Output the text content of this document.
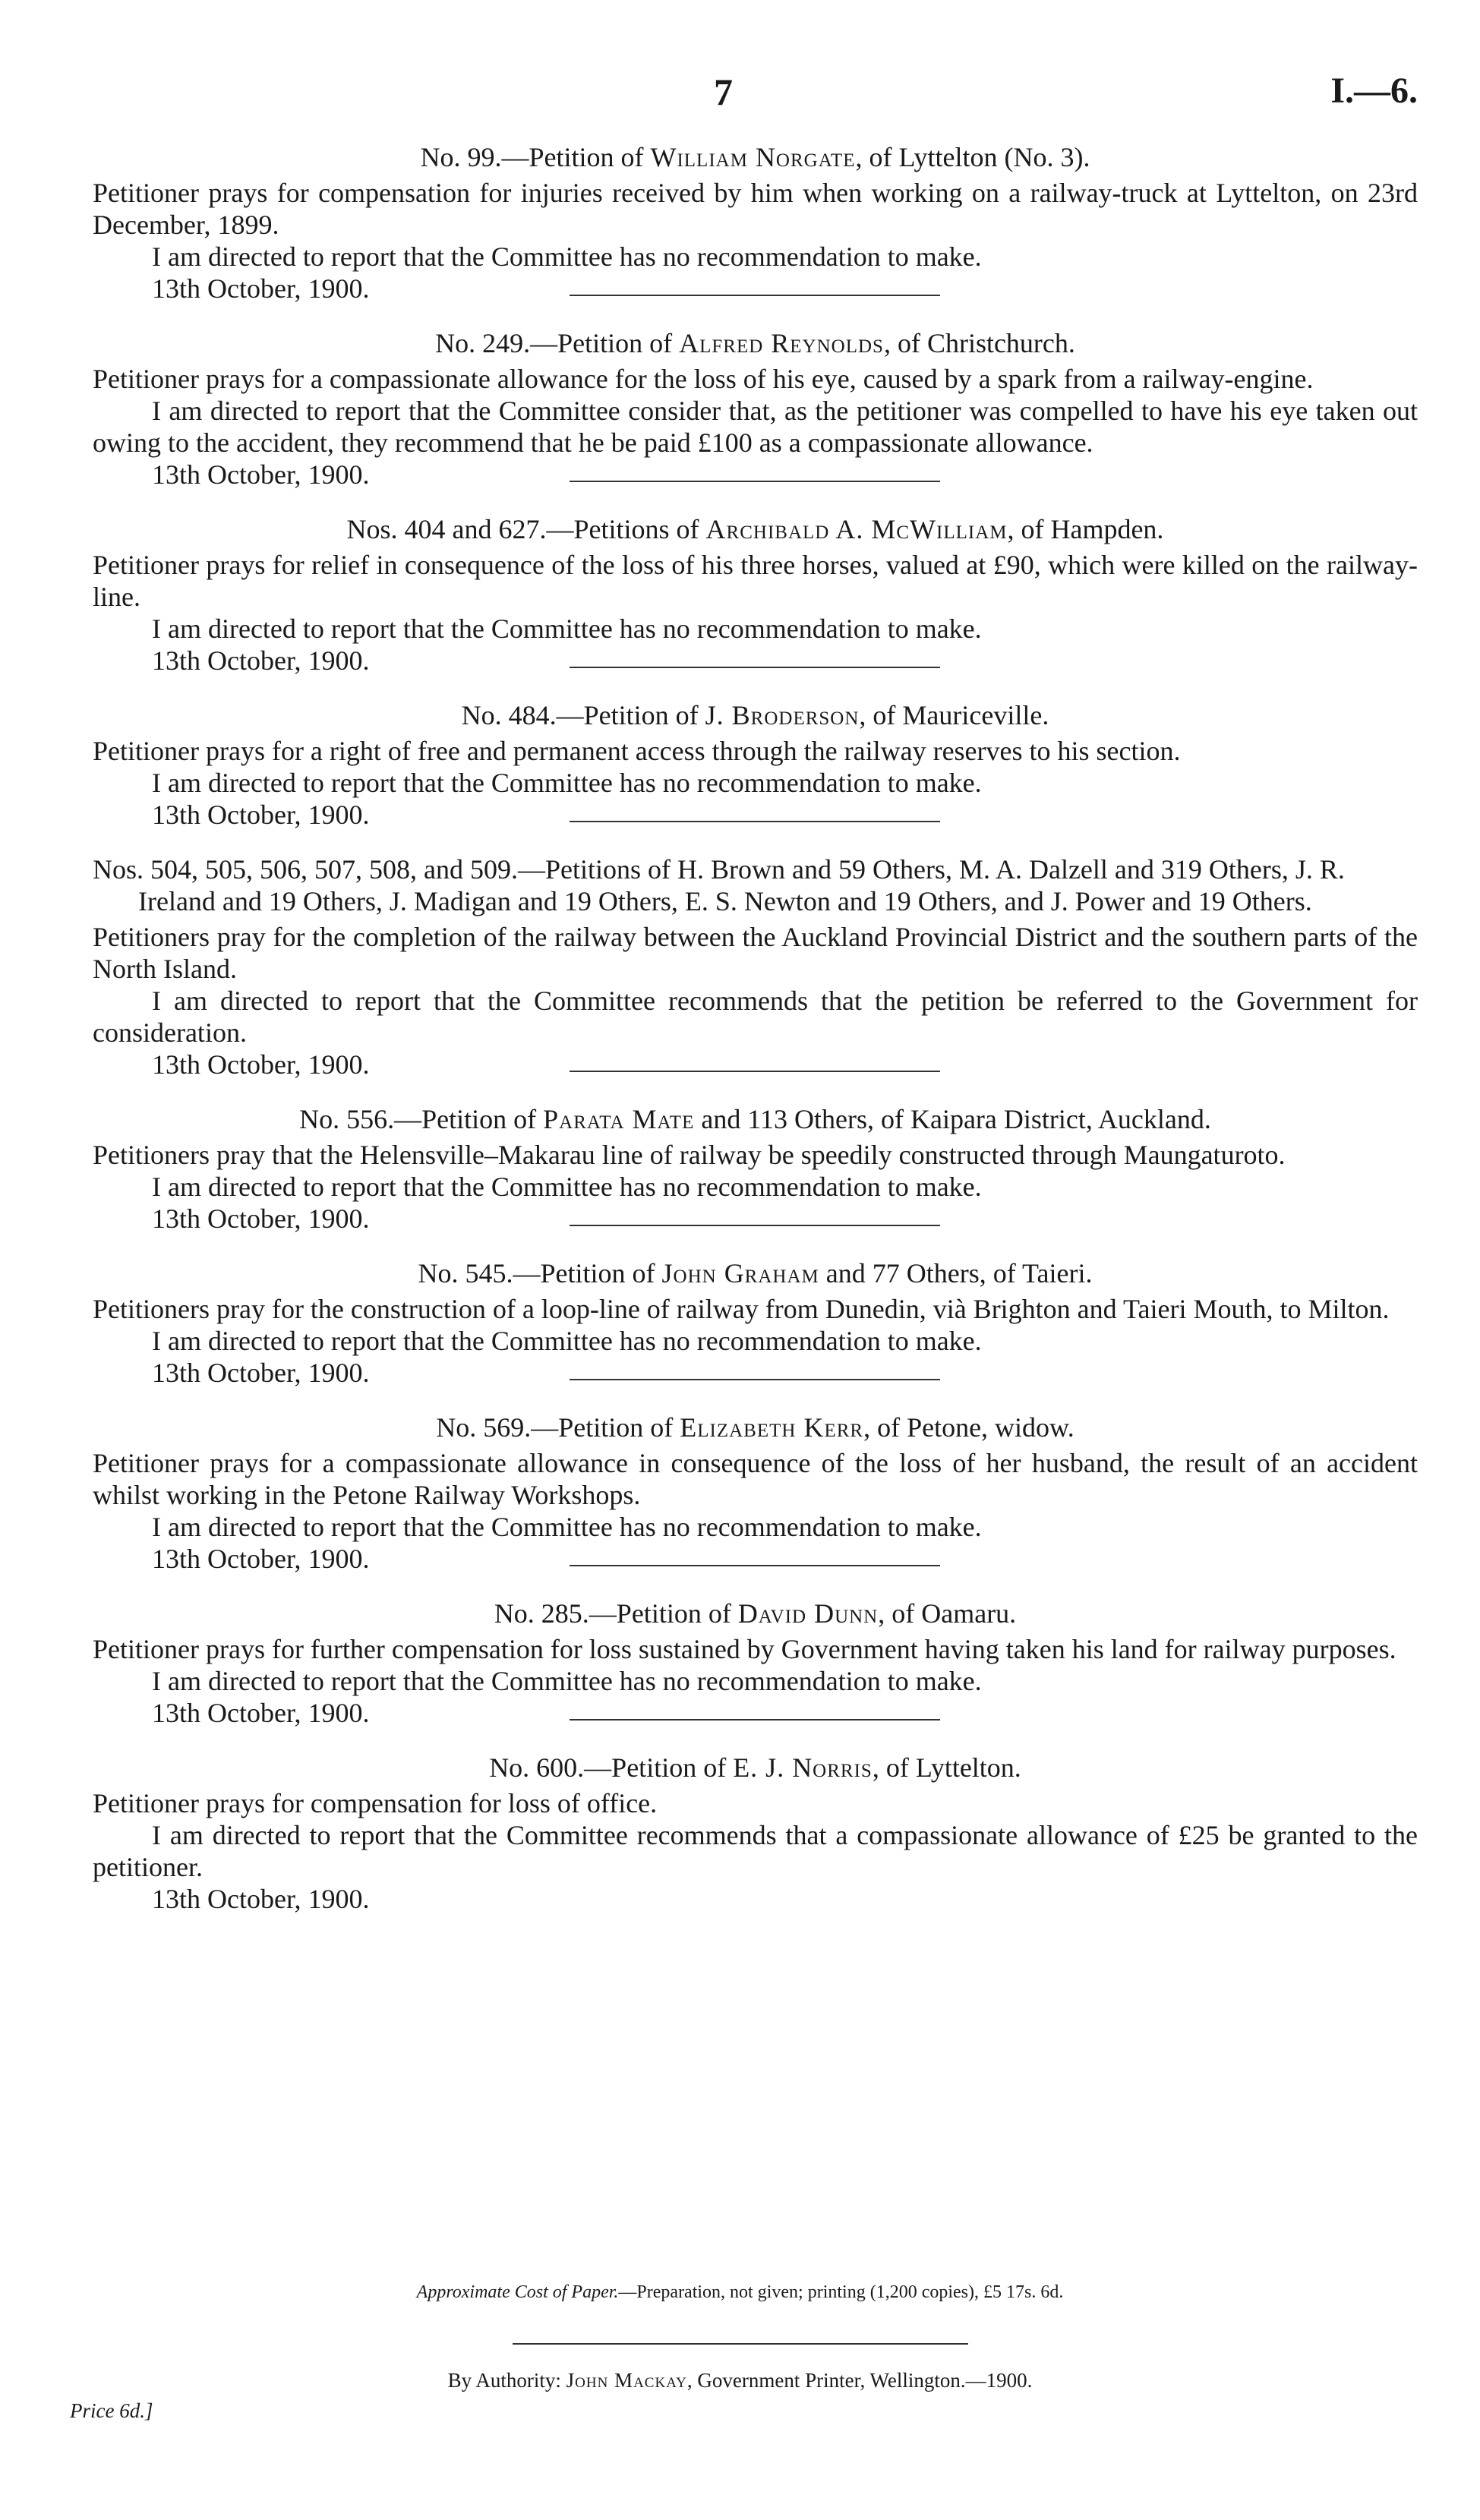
7	I.—6.
No. 99.—Petition of William Norgate, of Lyttelton (No. 3).

Petitioner prays for compensation for injuries received by him when working on a railway-truck at Lyttelton, on 23rd December, 1899.

I am directed to report that the Committee has no recommendation to make.

13th October, 1900.
No. 249.—Petition of Alfred Reynolds, of Christchurch.

Petitioner prays for a compassionate allowance for the loss of his eye, caused by a spark from a railway-engine.

I am directed to report that the Committee consider that, as the petitioner was compelled to have his eye taken out owing to the accident, they recommend that he be paid £100 as a compassionate allowance.

13th October, 1900.
Nos. 404 and 627.—Petitions of Archibald A. McWilliam, of Hampden.

Petitioner prays for relief in consequence of the loss of his three horses, valued at £90, which were killed on the railway-line.

I am directed to report that the Committee has no recommendation to make.

13th October, 1900.
No. 484.—Petition of J. Broderson, of Mauriceville.

Petitioner prays for a right of free and permanent access through the railway reserves to his section.

I am directed to report that the Committee has no recommendation to make.

13th October, 1900.
Nos. 504, 505, 506, 507, 508, and 509.—Petitions of H. Brown and 59 Others, M. A. Dalzell and 319 Others, J. R. Ireland and 19 Others, J. Madigan and 19 Others, E. S. Newton and 19 Others, and J. Power and 19 Others.

Petitioners pray for the completion of the railway between the Auckland Provincial District and the southern parts of the North Island.

I am directed to report that the Committee recommends that the petition be referred to the Government for consideration.

13th October, 1900.
No. 556.—Petition of Parata Mate and 113 Others, of Kaipara District, Auckland.

Petitioners pray that the Helensville–Makarau line of railway be speedily constructed through Maungaturoto.

I am directed to report that the Committee has no recommendation to make.

13th October, 1900.
No. 545.—Petition of John Graham and 77 Others, of Taieri.

Petitioners pray for the construction of a loop-line of railway from Dunedin, vià Brighton and Taieri Mouth, to Milton.

I am directed to report that the Committee has no recommendation to make.

13th October, 1900.
No. 569.—Petition of Elizabeth Kerr, of Petone, widow.

Petitioner prays for a compassionate allowance in consequence of the loss of her husband, the result of an accident whilst working in the Petone Railway Workshops.

I am directed to report that the Committee has no recommendation to make.

13th October, 1900.
No. 285.—Petition of David Dunn, of Oamaru.

Petitioner prays for further compensation for loss sustained by Government having taken his land for railway purposes.

I am directed to report that the Committee has no recommendation to make.

13th October, 1900.
No. 600.—Petition of E. J. Norris, of Lyttelton.

Petitioner prays for compensation for loss of office.

I am directed to report that the Committee recommends that a compassionate allowance of £25 be granted to the petitioner.

13th October, 1900.
Approximate Cost of Paper.—Preparation, not given; printing (1,200 copies), £5 17s. 6d.
By Authority: John Mackay, Government Printer, Wellington.—1900.
Price 6d.]
